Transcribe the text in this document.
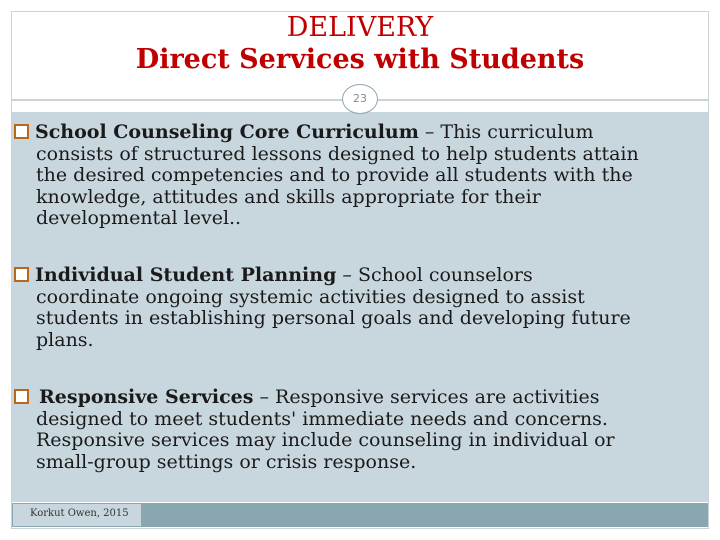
DELIVERY

Direct Services with Students

23
School Counseling Core Curriculum – This curriculum
consists of structured lessons designed to help students attain
the desired competencies and to provide all students with the
knowledge, attitudes and skills appropriate for their
developmental level..
Individual Student Planning – School counselors
coordinate ongoing systemic activities designed to assist
students in establishing personal goals and developing future
plans.
Responsive Services – Responsive services are activities
designed to meet students' immediate needs and concerns.
Responsive services may include counseling in individual or
small-group settings or crisis response.
Korkut Owen, 2015
